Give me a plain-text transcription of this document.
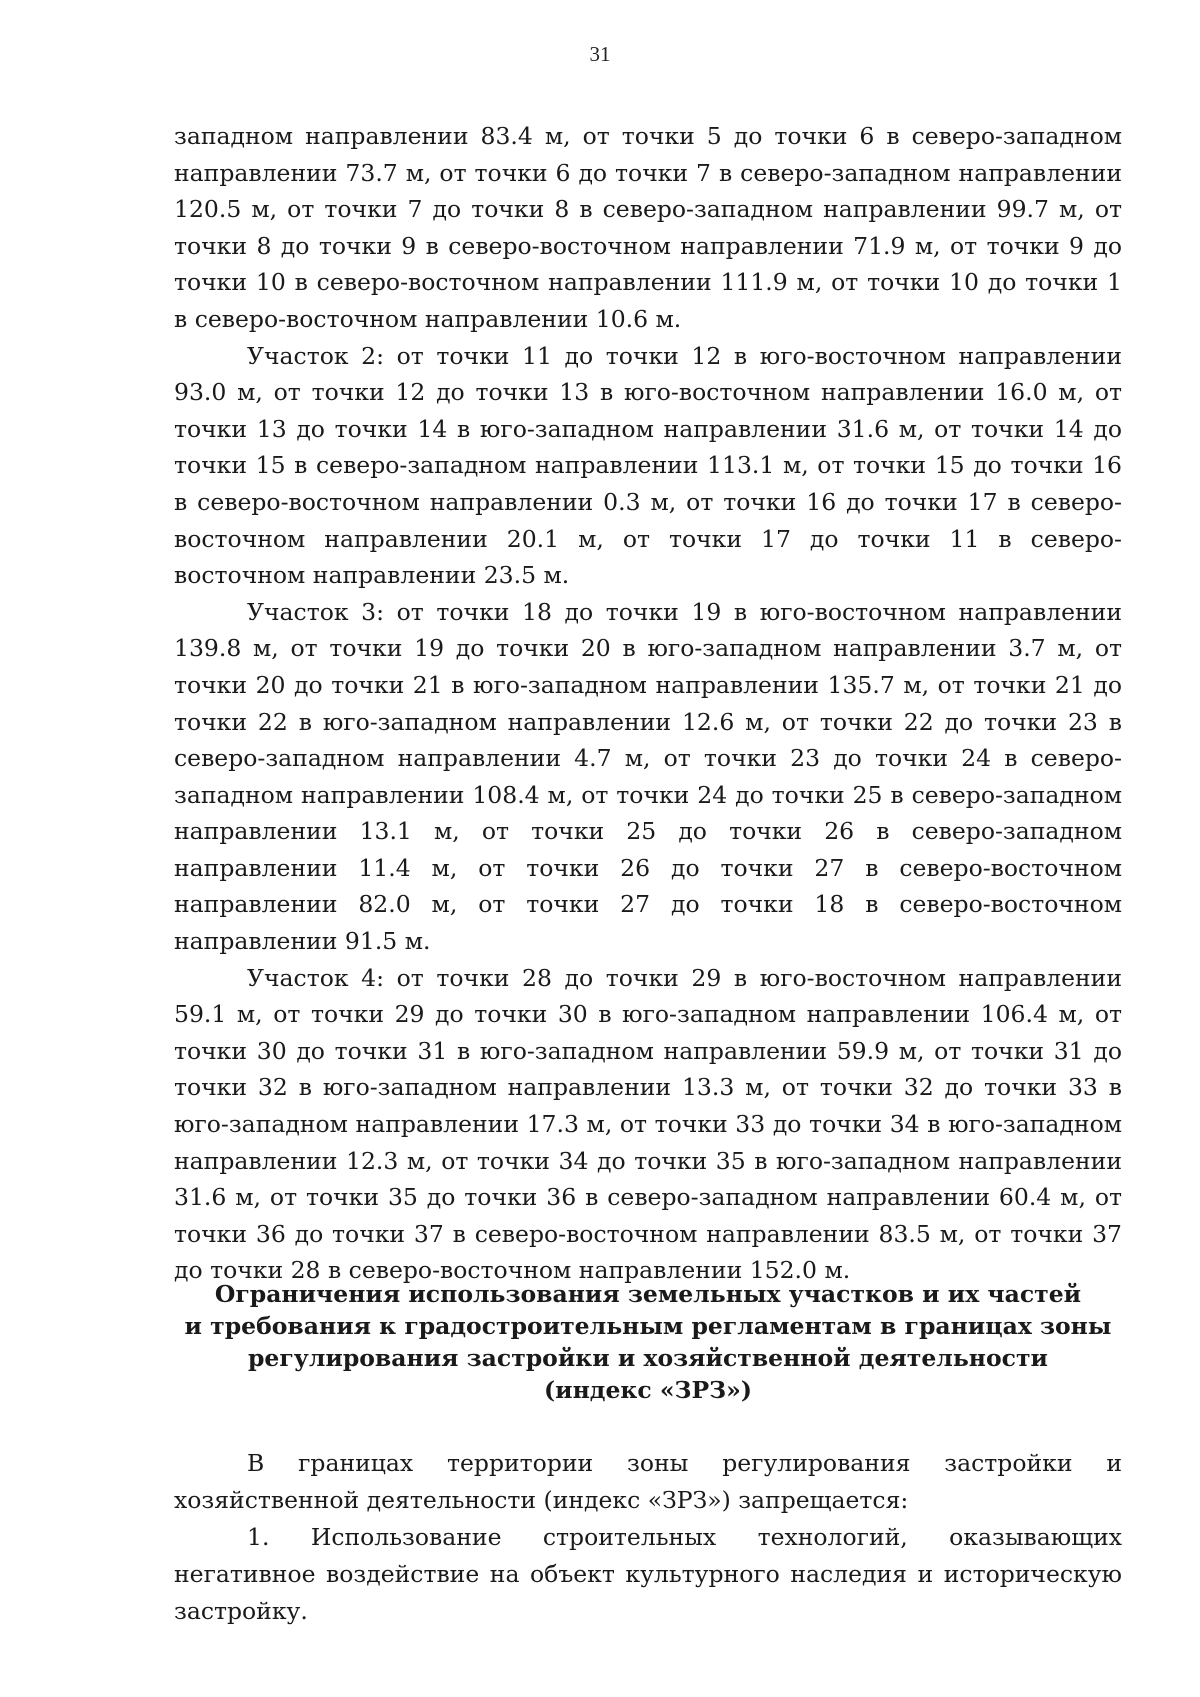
31

западном направлении 83.4 м, от точки 5 до точки 6 в северо-западном направлении 73.7 м, от точки 6 до точки 7 в северо-западном направлении 120.5 м, от точки 7 до точки 8 в северо-западном направлении 99.7 м, от точки 8 до точки 9 в северо-восточном направлении 71.9 м, от точки 9 до точки 10 в северо-восточном направлении 111.9 м, от точки 10 до точки 1 в северо-восточном направлении 10.6 м.

Участок 2: от точки 11 до точки 12 в юго-восточном направлении 93.0 м, от точки 12 до точки 13 в юго-восточном направлении 16.0 м, от точки 13 до точки 14 в юго-западном направлении 31.6 м, от точки 14 до точки 15 в северо-западном направлении 113.1 м, от точки 15 до точки 16 в северо-восточном направлении 0.3 м, от точки 16 до точки 17 в северо-восточном направлении 20.1 м, от точки 17 до точки 11 в северо-восточном направлении 23.5 м.

Участок 3: от точки 18 до точки 19 в юго-восточном направлении 139.8 м, от точки 19 до точки 20 в юго-западном направлении 3.7 м, от точки 20 до точки 21 в юго-западном направлении 135.7 м, от точки 21 до точки 22 в юго-западном направлении 12.6 м, от точки 22 до точки 23 в северо-западном направлении 4.7 м, от точки 23 до точки 24 в северо-западном направлении 108.4 м, от точки 24 до точки 25 в северо-западном направлении 13.1 м, от точки 25 до точки 26 в северо-западном направлении 11.4 м, от точки 26 до точки 27 в северо-восточном направлении 82.0 м, от точки 27 до точки 18 в северо-восточном направлении 91.5 м.

Участок 4: от точки 28 до точки 29 в юго-восточном направлении 59.1 м, от точки 29 до точки 30 в юго-западном направлении 106.4 м, от точки 30 до точки 31 в юго-западном направлении 59.9 м, от точки 31 до точки 32 в юго-западном направлении 13.3 м, от точки 32 до точки 33 в юго-западном направлении 17.3 м, от точки 33 до точки 34 в юго-западном направлении 12.3 м, от точки 34 до точки 35 в юго-западном направлении 31.6 м, от точки 35 до точки 36 в северо-западном направлении 60.4 м, от точки 36 до точки 37 в северо-восточном направлении 83.5 м, от точки 37 до точки 28 в северо-восточном направлении 152.0 м.

Ограничения использования земельных участков и их частей
и требования к градостроительным регламентам в границах зоны
регулирования застройки и хозяйственной деятельности
(индекс «ЗРЗ»)

В границах территории зоны регулирования застройки и хозяйственной деятельности (индекс «ЗРЗ») запрещается:

1. Использование строительных технологий, оказывающих негативное воздействие на объект культурного наследия и историческую застройку.
